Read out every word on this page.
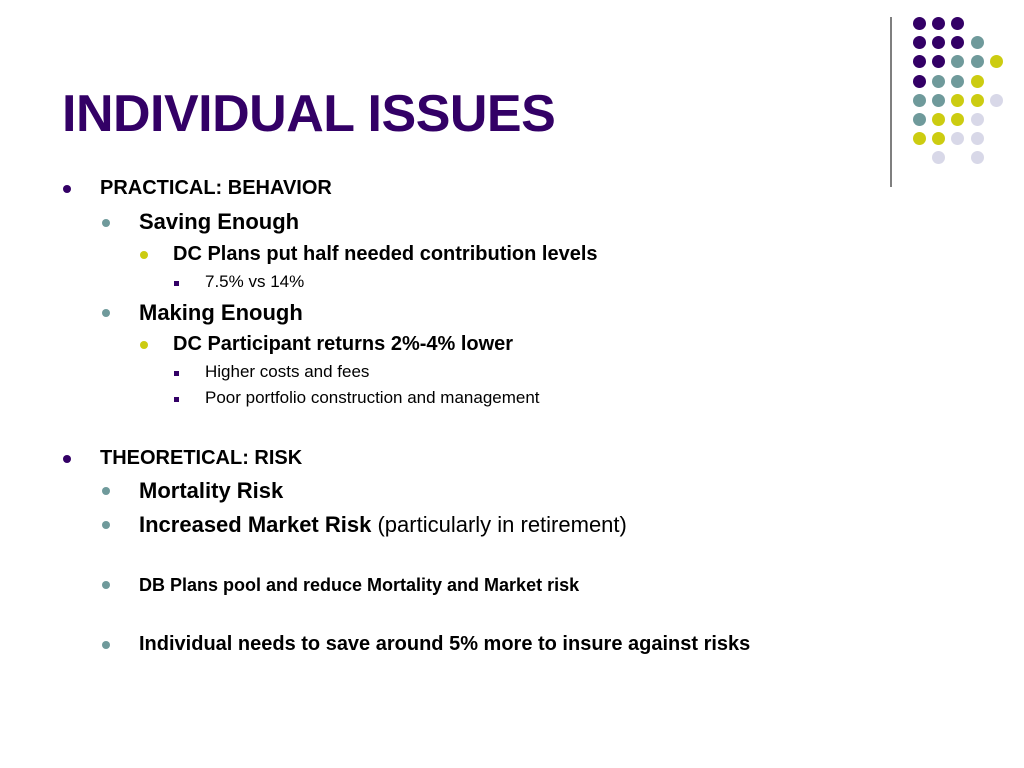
INDIVIDUAL ISSUES
PRACTICAL: BEHAVIOR
Saving Enough
DC Plans put half needed contribution levels
7.5% vs 14%
Making Enough
DC Participant returns 2%-4% lower
Higher costs and fees
Poor portfolio construction and management
THEORETICAL: RISK
Mortality Risk
Increased Market Risk (particularly in retirement)
DB Plans pool and reduce Mortality and Market risk
Individual needs to save around 5% more to insure against risks
